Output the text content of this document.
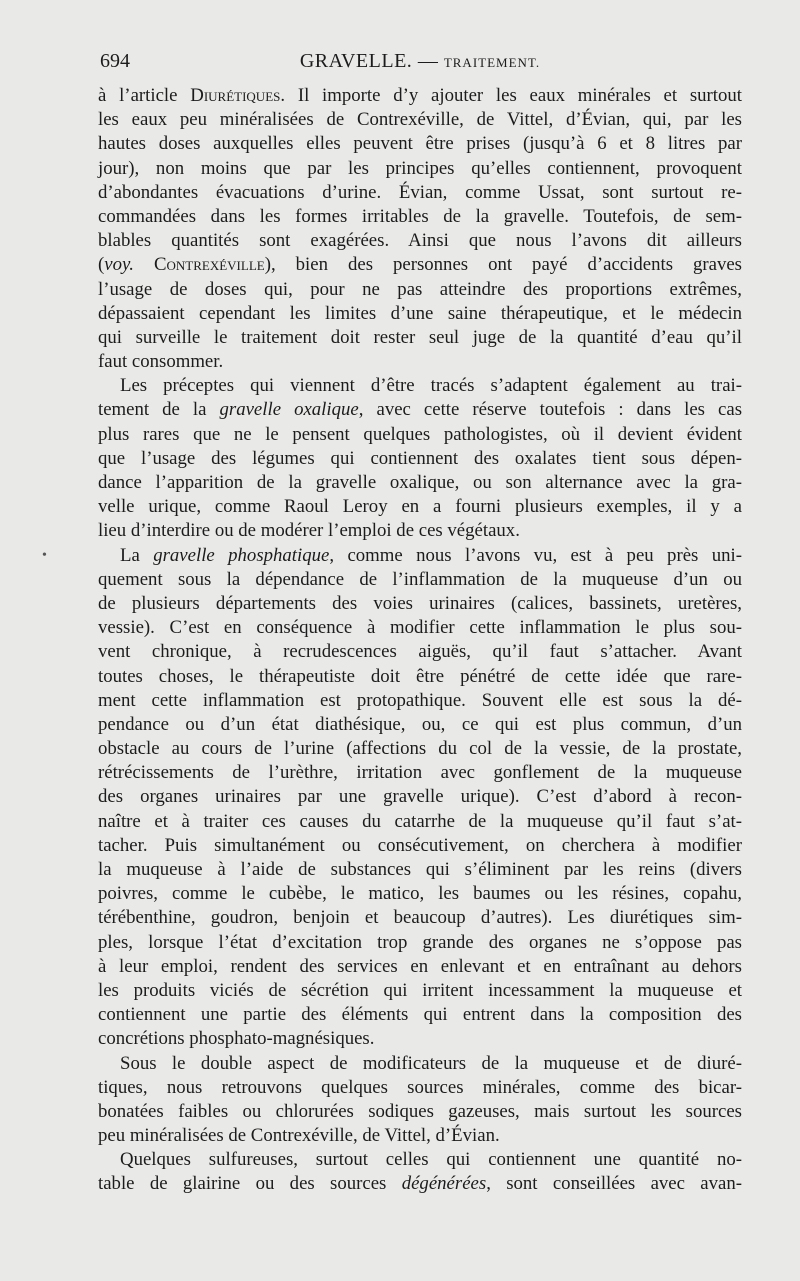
694	GRAVELLE. — TRAITEMENT.
•
à l’article Diurétiques. Il importe d’y ajouter les eaux minérales et surtout
les eaux peu minéralisées de Contrexéville, de Vittel, d’Évian, qui, par les
hautes doses auxquelles elles peuvent être prises (jusqu’à 6 et 8 litres par
jour), non moins que par les principes qu’elles contiennent, provoquent
d’abondantes évacuations d’urine. Évian, comme Ussat, sont surtout re-
commandées dans les formes irritables de la gravelle. Toutefois, de sem-
blables quantités sont exagérées. Ainsi que nous l’avons dit ailleurs
(voy. Contrexéville), bien des personnes ont payé d’accidents graves
l’usage de doses qui, pour ne pas atteindre des proportions extrêmes,
dépassaient cependant les limites d’une saine thérapeutique, et le médecin
qui surveille le traitement doit rester seul juge de la quantité d’eau qu’il
faut consommer.
Les préceptes qui viennent d’être tracés s’adaptent également au trai-
tement de la gravelle oxalique, avec cette réserve toutefois : dans les cas
plus rares que ne le pensent quelques pathologistes, où il devient évident
que l’usage des légumes qui contiennent des oxalates tient sous dépen-
dance l’apparition de la gravelle oxalique, ou son alternance avec la gra-
velle urique, comme Raoul Leroy en a fourni plusieurs exemples, il y a
lieu d’interdire ou de modérer l’emploi de ces végétaux.
La gravelle phosphatique, comme nous l’avons vu, est à peu près uni-
quement sous la dépendance de l’inflammation de la muqueuse d’un ou
de plusieurs départements des voies urinaires (calices, bassinets, uretères,
vessie). C’est en conséquence à modifier cette inflammation le plus sou-
vent chronique, à recrudescences aiguës, qu’il faut s’attacher. Avant
toutes choses, le thérapeutiste doit être pénétré de cette idée que rare-
ment cette inflammation est protopathique. Souvent elle est sous la dé-
pendance ou d’un état diathésique, ou, ce qui est plus commun, d’un
obstacle au cours de l’urine (affections du col de la vessie, de la prostate,
rétrécissements de l’urèthre, irritation avec gonflement de la muqueuse
des organes urinaires par une gravelle urique). C’est d’abord à recon-
naître et à traiter ces causes du catarrhe de la muqueuse qu’il faut s’at-
tacher. Puis simultanément ou consécutivement, on cherchera à modifier
la muqueuse à l’aide de substances qui s’éliminent par les reins (divers
poivres, comme le cubèbe, le matico, les baumes ou les résines, copahu,
térébenthine, goudron, benjoin et beaucoup d’autres). Les diurétiques sim-
ples, lorsque l’état d’excitation trop grande des organes ne s’oppose pas
à leur emploi, rendent des services en enlevant et en entraînant au dehors
les produits viciés de sécrétion qui irritent incessamment la muqueuse et
contiennent une partie des éléments qui entrent dans la composition des
concrétions phosphato-magnésiques.
Sous le double aspect de modificateurs de la muqueuse et de diuré-
tiques, nous retrouvons quelques sources minérales, comme des bicar-
bonatées faibles ou chlorurées sodiques gazeuses, mais surtout les sources
peu minéralisées de Contrexéville, de Vittel, d’Évian.
Quelques sulfureuses, surtout celles qui contiennent une quantité no-
table de glairine ou des sources dégénérées, sont conseillées avec avan-
